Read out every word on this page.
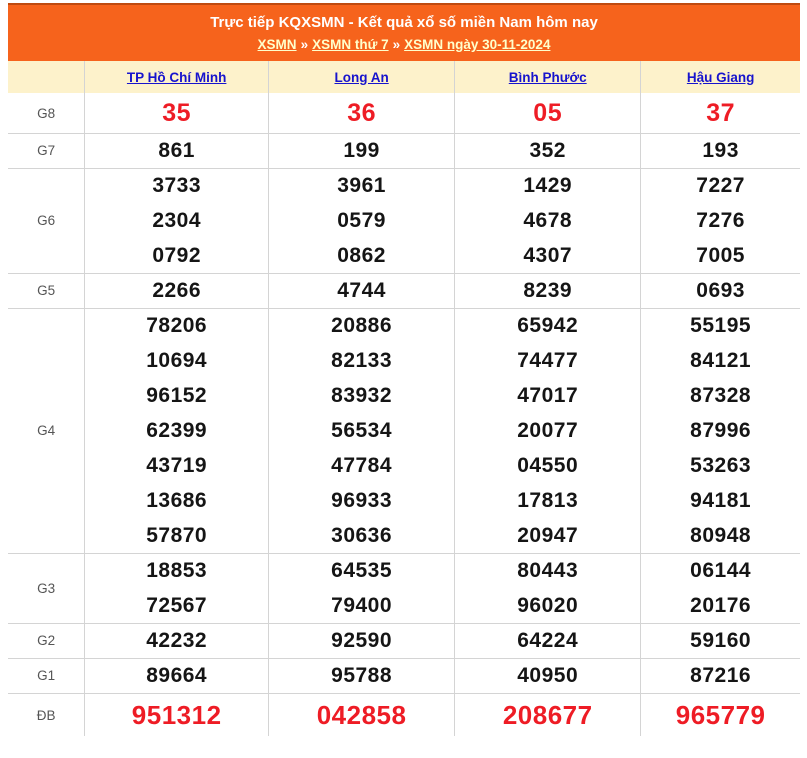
Trực tiếp KQXSMN - Kết quả xổ số miền Nam hôm nay
XSMN » XSMN thứ 7 » XSMN ngày 30-11-2024
	TP Hồ Chí Minh	Long An	Bình Phước	Hậu Giang
G8	35	36	05	37
G7	861	199	352	193
G6	3733	3961	1429	7227
	2304	0579	4678	7276
	0792	0862	4307	7005
G5	2266	4744	8239	0693
G4	78206	20886	65942	55195
	10694	82133	74477	84121
	96152	83932	47017	87328
	62399	56534	20077	87996
	43719	47784	04550	53263
	13686	96933	17813	94181
	57870	30636	20947	80948
G3	18853	64535	80443	06144
	72567	79400	96020	20176
G2	42232	92590	64224	59160
G1	89664	95788	40950	87216
ĐB	951312	042858	208677	965779
